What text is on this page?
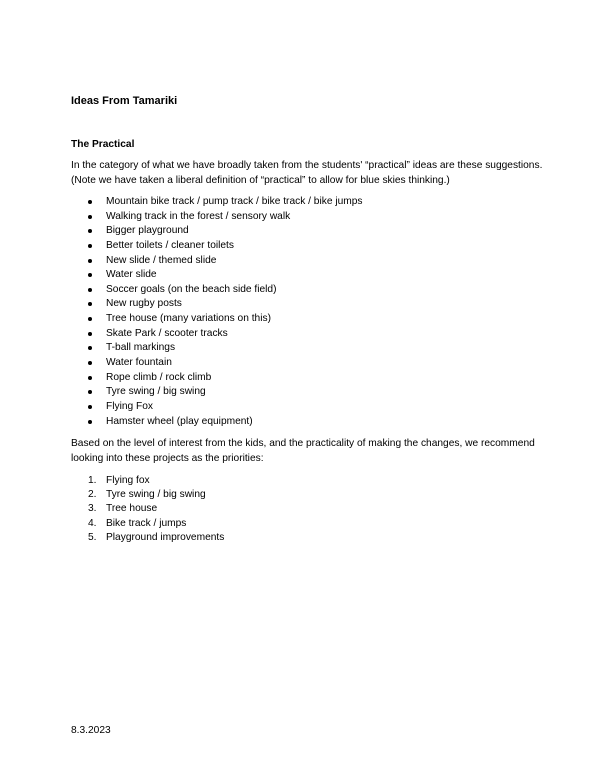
Ideas From Tamariki
The Practical

In the category of what we have broadly taken from the students' “practical” ideas are these suggestions.

(Note we have taken a liberal definition of “practical” to allow for blue skies thinking.)

Mountain bike track / pump track / bike track / bike jumps
Walking track in the forest / sensory walk
Bigger playground
Better toilets / cleaner toilets
New slide / themed slide
Water slide
Soccer goals (on the beach side field)
New rugby posts
Tree house (many variations on this)
Skate Park / scooter tracks
T-ball markings
Water fountain
Rope climb / rock climb
Tyre swing / big swing
Flying Fox
Hamster wheel (play equipment)
Based on the level of interest from the kids, and the practicality of making the changes, we recommend
looking into these projects as the priorities:
1. Flying fox
2. Tyre swing / big swing
3. Tree house
4. Bike track / jumps
5. Playground improvements
8.3.2023
